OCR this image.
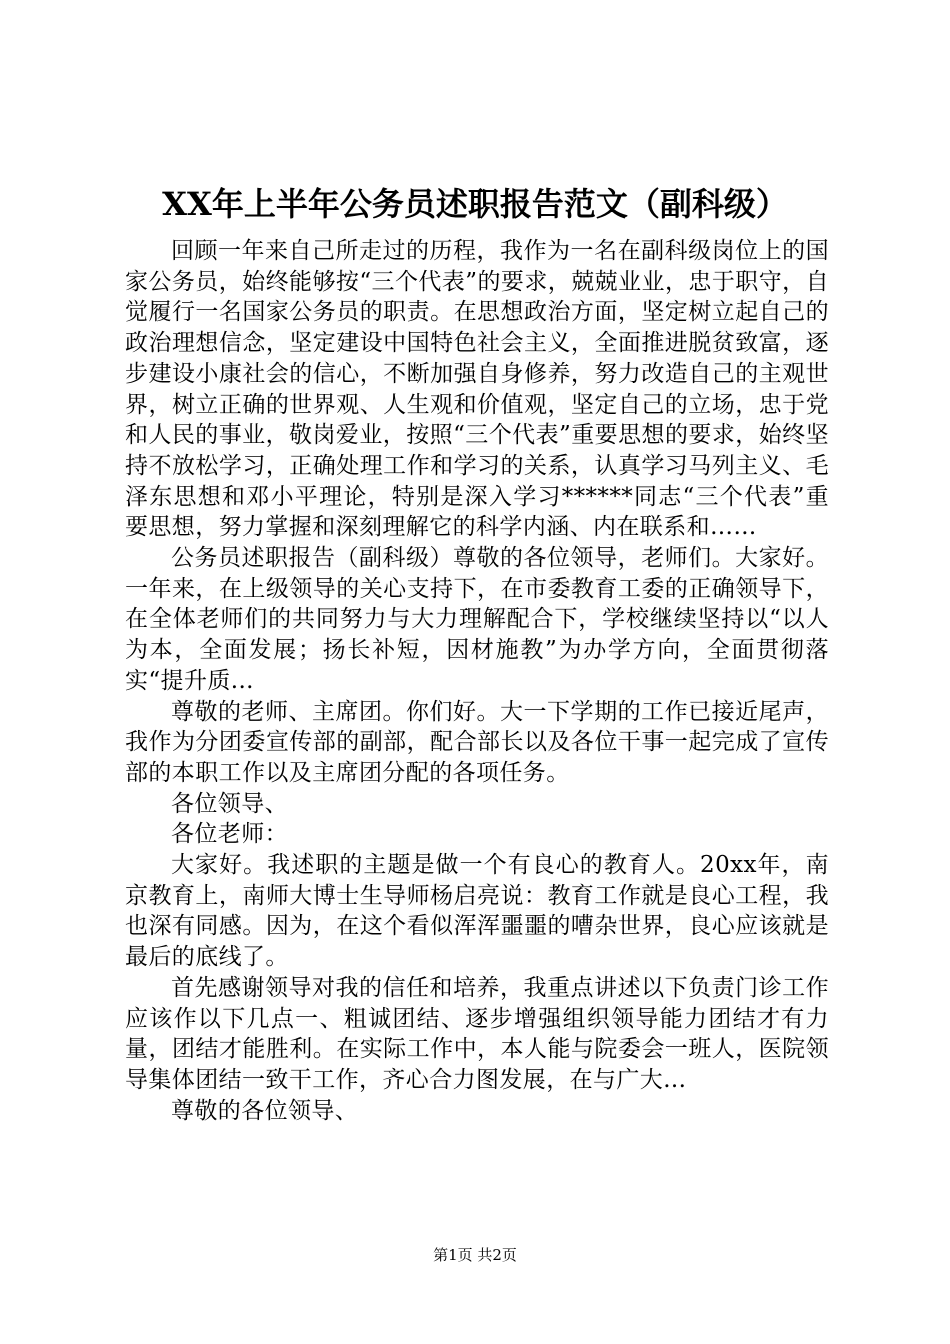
XX年上半年公务员述职报告范文（副科级）

回顾一年来自己所走过的历程，我作为一名在副科级岗位上的国家公务员，始终能够按“三个代表”的要求，兢兢业业，忠于职守，自觉履行一名国家公务员的职责。在思想政治方面，坚定树立起自己的政治理想信念，坚定建设中国特色社会主义，全面推进脱贫致富，逐步建设小康社会的信心，不断加强自身修养，努力改造自己的主观世界，树立正确的世界观、人生观和价值观，坚定自己的立场，忠于党和人民的事业，敬岗爱业，按照“三个代表”重要思想的要求，始终坚持不放松学习，正确处理工作和学习的关系，认真学习马列主义、毛泽东思想和邓小平理论，特别是深入学习******同志“三个代表”重要思想，努力掌握和深刻理解它的科学内涵、内在联系和……

公务员述职报告（副科级）尊敬的各位领导，老师们。大家好。一年来，在上级领导的关心支持下，在市委教育工委的正确领导下，在全体老师们的共同努力与大力理解配合下，学校继续坚持以“以人为本，全面发展；扬长补短，因材施教”为办学方向，全面贯彻落实“提升质...

尊敬的老师、主席团。你们好。大一下学期的工作已接近尾声，我作为分团委宣传部的副部，配合部长以及各位干事一起完成了宣传部的本职工作以及主席团分配的各项任务。

各位领导、

各位老师：

大家好。我述职的主题是做一个有良心的教育人。20xx年，南京教育上，南师大博士生导师杨启亮说：教育工作就是良心工程，我也深有同感。因为，在这个看似浑浑噩噩的嘈杂世界，良心应该就是最后的底线了。

首先感谢领导对我的信任和培养，我重点讲述以下负责门诊工作应该作以下几点一、粗诚团结、逐步增强组织领导能力团结才有力量，团结才能胜利。在实际工作中，本人能与院委会一班人，医院领导集体团结一致干工作，齐心合力图发展，在与广大...

尊敬的各位领导、

第1页 共2页
